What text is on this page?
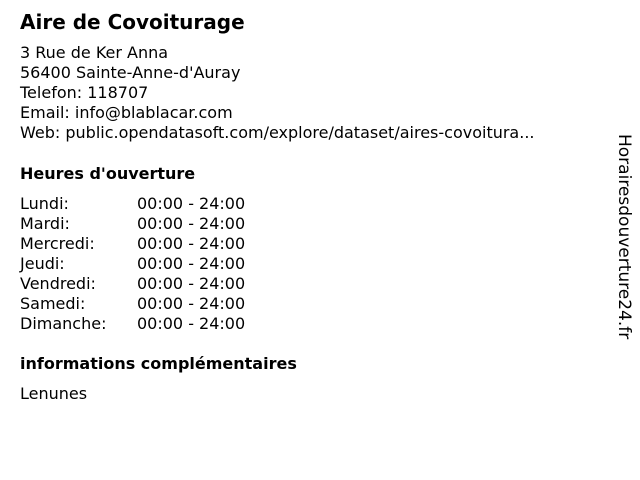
Aire de Covoiturage
3 Rue de Ker Anna
56400 Sainte-Anne-d'Auray
Telefon: 118707
Email: info@blablacar.com
Web: public.opendatasoft.com/explore/dataset/aires-covoitura...
Heures d'ouverture
Lundi:	00:00 - 24:00
Mardi:	00:00 - 24:00
Mercredi:	00:00 - 24:00
Jeudi:	00:00 - 24:00
Vendredi:	00:00 - 24:00
Samedi:	00:00 - 24:00
Dimanche:	00:00 - 24:00
informations complémentaires
Lenunes
Horairesdouverture24.fr
